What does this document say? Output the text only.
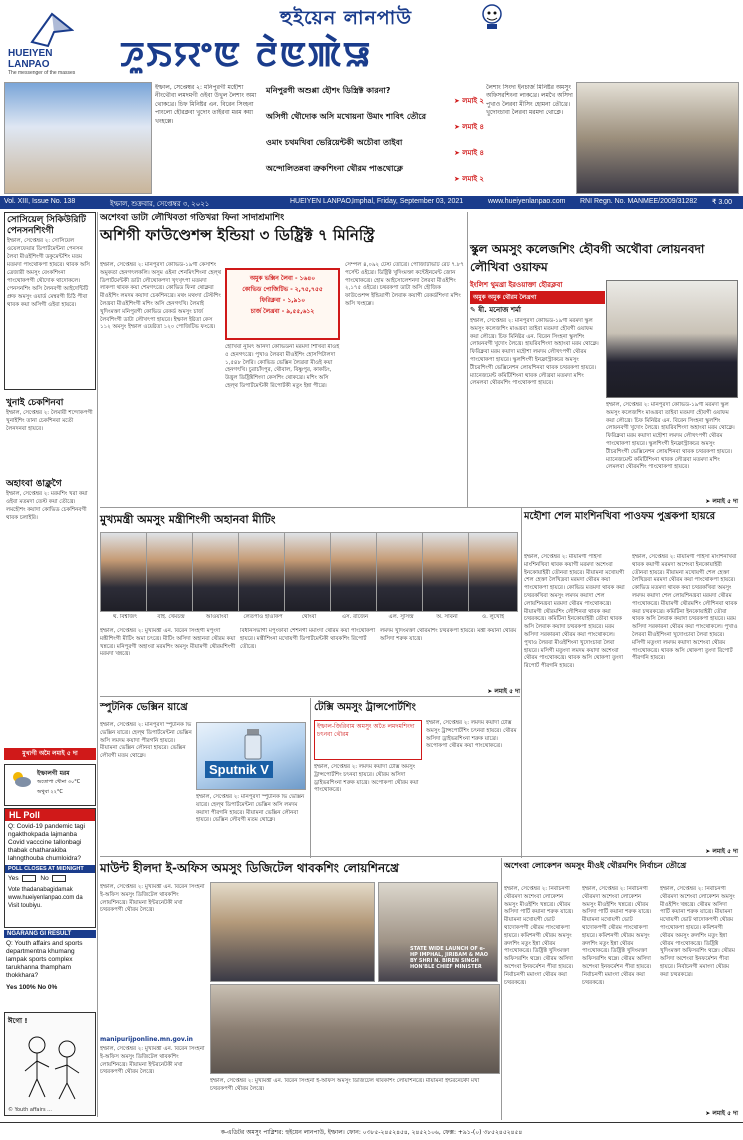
HUEIYEN LANPAO
The messenger of the masses
হুইয়েন লানপাউ
ꯍꯨꯏꯌꯦꯟ ꯂꯥꯟꯄꯥꯎ
ইম্ফাল, সেপ্তেম্বর ২: মনিপুরগী মহৌশা নীংথৌবা লমদমগী ওইবা উখুল লৈশাং অমা থোকখ্রে। চিফ মিনিষ্টর এন. বিরেন সিংহনা পাংলো হৌরক্লবা খুদোং তাইরবা মরম কয়া খংহল্লে।
মনিপুরগী অশুপ্পা হৌশং ডিস্ত্রিক্ট কারনা?
➤ লমাই ২
অসিগী থৌদোক অসি মখোয়না উমাং শাবিৎ তৌরে
➤ লমাই ৪
ওমাং চথমখিবা ভেরিয়েন্টকী অচৌবা তাইবা
➤ লমাই ৪
অন্দোলিতন্নবা ত্রুকশিংনা থৌরম পাঙথোক্লে
➤ লমাই ২
লৈশাং সিংদা ইনচার্জ মিনিষ্টর অমসুং অফিসরশিংনা লাকখ্রে। লমখৈ অসিদা পুখাও লৈরবা মীসিং হোমনা তৌখ্রে। খুদোংচাবা লৈরবা মরমদা থোক্লে।
Vol. XIII, Issue No. 138	ইম্ফাল, শুক্রবার, সেপ্তেম্বর ৩, ২০২১	HUEIYEN LANPAO, Imphal, Friday, September 03, 2021	www.hueiyenlanpao.com RNI Regn. No. MANMEE/2009/31282 ₹ 3.00
সোসিয়েল্ সিকিউরিটি পেনসনশিংগী
ইম্ফাল, সেপ্তেম্বর ২: সোসিয়েল ওয়েলফেয়ার ডিপার্টমেন্টনা পেনসন লৈবা মীওইশিংগী ডকুমেন্টশিং মতম মতমদা পাংথোকপা হায়রে। থাবক অসি ত্রেজারী অমসুং বেংকশিংনা পাংথোকপগী থৌদোক থাদোকলে। পেনসনশিং অসি লৈনবগী আইদেন্টিটি প্রুফ অমসুং ওয়ার্ড মেম্বরগী চিঠি পীবা থাবক কয়া অসিগী ওইবা হায়রে।
খুনাই চেকশিনবা
ইম্ফাল, সেপ্তেম্বর ২: লৈমায়ী শন্দোকপগী খুনাইশিং তানা চেকশিনবা মতৌ লৈনদনবা হায়রে।
অহাংবা ঙাক্লুগৈ
ইম্ফাল, সেপ্তেম্বর ২: মরমশিং খরা কয়া ওইবা মতমদা তেস্ট কয়া তৌখ্রে। লমহৌশং কয়াদা কোভিড চেকশিনবগী থাবক চলাইরি।
মুখ্যগী অমৈ লমাই ৫ দা
ইম্ফালগী মরম
অতোপা খৌনা ৩০°C
অথুবা ২২°C
HL Poll
Q: Covid-19 pandemic tagi ngakthokpada lajmanba Covid vacccine tallonbagi thabak chatharakiba lahngthouba chumloidra?
POLL CLOSES AT MIDNIGHT
Yes	No
Vote thadanabagidamak www.hueiyenlanpao.com da Visit toubiyu.
NGARANG GI RESULT
Q: Youth affairs and sports departmentna khumang lampak sports complex tarukhanna thampham thokkhara?
Yes 100% No 0%
ঈগো !
© Youth affairs ...
অশেংবা ডাটা লৌখিবতা গতিখরা ফিনা সাদাশ্রমাশিং
অশিগী ফাউণ্ডেশন্স ইন্ডিয়া ৩ ডিষ্ট্রিক্ট ৭ মিনিস্ট্রি
ইম্ফাল, সেপ্তেম্বর ২: মনিপুরদা কোভিড-১৯গী কেসশিং অমুকতা হেনগৎলকলি। অসুম ওইনা শেনমিৎশিংনা হেল্থ ডিপার্টমেন্টকী ডাটা লৌথোকপদা খৃৎখৃৎপা মতমদা লাকপা থাবক কয়া শেমগৎখ্রে। কোভিড ফিনা থোক্লবা মীওইশিং লমদম কয়াদা চেকশিনখ্রে। মথং মথংদা টেস্টশিং লৈখ্রবা মীওইশিংগী মশিং অসি হেনগৎখি। লৈমাই খুদিংমক্তা মনিপুরগী কোভিড রেকর্ড অমসুং চার্জ লৈবশিংগী ডাটা লৌখৎপা হায়রে। ইম্ফাল ইষ্টতা কেস ১১২ অমসুং ইম্ফাল ওয়েষ্টতা ১২০ পোজিটিভ ফংখ্রে।
অমুক ভক্সিন লৈবা - ১৬৪০
কোভিড পোজিটিভ - ২,৭৫,৭৫৫
ফিরিক্লবা - ১,৯১০
চার্জ লৈখ্রবা - ৯,৫৫,৬১২
হৌখিবা নুমিৎ অনিদা কোভিডনা মরমদা শিখিবা মীওই ৫ হেনগৎখ্রে। পুখাও লৈরবা মীওইশিং হোসপিটালদা ১,৫৪৮ লৈরি। কোভিড ভেক্সিন লৈখ্রবা মীওই কয়া হেনগৎখি। চুরাচাঁদপুর, থৌবাল, বিষ্ণুপুর, কাকচিং, উখ্রুল ডিষ্ট্রিক্টশিংদা কেসশিং থোকখ্রে। মশিং অসি হেল্থ ডিপার্টমেন্টকী রিপোর্টকী মতুং ইন্না পীখ্রে।
সেম্পল ৪,০৯২ টেস্ট তৌখ্রে। পোজিটিভিটি রেট ৭.৮৭ পর্সেন্ট ওইখ্রে। ডিষ্ট্রিক্ট খুদিংমক্তা কন্টেইনমেন্ট জোন পাংথোকখ্রে। হোম আইসোলেশনদা লৈরবা মীওইশিং ২,১৭৫ ওইখ্রে। চথরকপা ডাটা অসি হৌজিক ফাউণ্ডেশন্স ইন্ডিয়াগী লৈবাক কয়াগী রেকর্ডশিংদা মশিং অসি খংহল্লে।
স্কুল অমসুং কলেজশিং হৌবগী অথৌবা লোয়নবদা লৌখিবা ওয়াফম
ইংলিশ থুমখ্রা ইরওয়াক্তা হৌরক্লবা
অমুক অমুক থৌরম লৈখ্রগা
✎ ষী. মনোজ শর্মা
ইম্ফাল, সেপ্তেম্বর ২: মনিপুরদা কোভিড-১৯গী মরমদা স্কুল অমসুং কলেজশিং মাঙখ্রবা তাইবা মতমদা হৌবগী ওয়াফম কয়া লৌখ্রে। চিফ মিনিষ্টর এন. বিরেন সিংহনা স্কুলশিং লোয়নবগী খুদোং লৈখ্রে। হায়রিবশিংদা অহাংবা মরম থোক্লে। ফিরিক্লবা মরম কয়াদা মহৌশা লমদম লৌখৎপগী থৌরম পাংথোকপা হায়রে। স্কুলশিংগী ইনফ্রাস্ট্রাকচর অমসুং টীচরশিংগী ভেক্সিনেশন লোয়শিনবা থাবক চত্থরকপা হায়রে। ম্যানেজমেন্ট কমিটিশিংনা থাবক লৌখ্রবা মতমদা মশিং লেমলবা থৌরমশিং পাংথোকপা হায়রে।
ইম্ফাল, সেপ্তেম্বর ২: মনিপুরদা কোভিড-১৯গী মরমদা স্কুল অমসুং কলেজশিং মাঙখ্রবা তাইবা মতমদা হৌবগী ওয়াফম কয়া লৌখ্রে। চিফ মিনিষ্টর এন. বিরেন সিংহনা স্কুলশিং লোয়নবগী খুদোং লৈখ্রে। হায়রিবশিংদা অহাংবা মরম থোক্লে। ফিরিক্লবা মরম কয়াদা মহৌশা লমদম লৌখৎপগী থৌরম পাংথোকপা হায়রে। স্কুলশিংগী ইনফ্রাস্ট্রাকচর অমসুং টীচরশিংগী ভেক্সিনেশন লোয়শিনবা থাবক চত্থরকপা হায়রে। ম্যানেজমেন্ট কমিটিশিংনা থাবক লৌখ্রবা মতমদা মশিং লেমলবা থৌরমশিং পাংথোকপা হায়রে।
➤ লমাই ৫ দা
মুখ্যমন্ত্রী অমসুং মন্ত্রীশিংগী অহানবা মীটিং
থ. বিশ্বজিৎ	বাই. খেমচন্দ্র	আওয়াংবা	লেতপাও হাওকিপ	থোংবা	এস. রাজেন	এল. সুসিন্দ্র	অ. সাবনা	ও. লুখোই
ইম্ফাল, সেপ্তেম্বর ২: মুখ্যমন্ত্রী এন. বিরেন সিংহগী মপুংদা মন্ত্রীশিংগী মীটিং অমা চৎখ্রে। মীটিং অসিদা অহানবা থৌরম কয়া খন্নখ্রে। মনিপুরগী অহাংবা মরমশিং অমসুং মীয়ামগী থৌরমশিংগী মরমদা খন্নখ্রে।
বিধানসভাগী মপুংফাবা শেশনগী মমাংদা থৌরম কয়া পাংথোকপা হায়রে। মন্ত্রীশিংনা মখোয়গী ডিপার্টমেন্টকী থাবকশিং রিপোর্ট তৌখ্রে।
লমদম খুদিংমক্তা থৌরমশিং চত্থরকপা হায়রে। মন্ত্রী কয়ানা থৌরম অসিদা শরুক য়াখ্রে।
➤ লমাই ৫ দা
মহৌশা শেল মাংশিনখিবা পাওফম পুখ্রকপা হায়রে
ইম্ফাল, সেপ্তেম্বর ২: মীয়ামগী পাইসা মাংশিনখিবা থাবক কয়াগী মরমদা অশেংবা ইনকোয়াইরী তৌনবা হায়রে। মীয়ামনা মখোয়গী শেল হেক্তা লৈখিদ্রবা মরমদা থৌরম কয়া পাংথোকপা হায়রে। কোভিড মতমদা থাবক কয়া চত্থরকখিবা অমসুং লমদম কয়াদা শেল লোয়শিনখ্রবা মরমদা থৌরম পাংথোকখ্রে। মীয়ামগী থৌরমশিং লৌশিনবা থাবক কয়া চত্থরকখ্রে। কমিটিনা ইনকোয়াইরী তৌবা থাবক অসি লৈবাক কয়াদা চত্থরকপা হায়রে। মরম অসিদা সরকারনা থৌরম কয়া পাংথোকলে। পুখাও লৈরবা মীওইশিংনা খুদোংচাবা লৈবা হায়রে। মসিগী মতুংদা লমদম কয়াদা অশেংবা থৌরম পাংথোকখ্রে। থাবক অসি থোকপা তুংদা রিপোর্ট পীরগনি হায়রে।
ইম্ফাল, সেপ্তেম্বর ২: মীয়ামগী পাইসা মাংশিনখিবা থাবক কয়াগী মরমদা অশেংবা ইনকোয়াইরী তৌনবা হায়রে। মীয়ামনা মখোয়গী শেল হেক্তা লৈখিদ্রবা মরমদা থৌরম কয়া পাংথোকপা হায়রে। কোভিড মতমদা থাবক কয়া চত্থরকখিবা অমসুং লমদম কয়াদা শেল লোয়শিনখ্রবা মরমদা থৌরম পাংথোকখ্রে। মীয়ামগী থৌরমশিং লৌশিনবা থাবক কয়া চত্থরকখ্রে। কমিটিনা ইনকোয়াইরী তৌবা থাবক অসি লৈবাক কয়াদা চত্থরকপা হায়রে। মরম অসিদা সরকারনা থৌরম কয়া পাংথোকলে। পুখাও লৈরবা মীওইশিংনা খুদোংচাবা লৈবা হায়রে। মসিগী মতুংদা লমদম কয়াদা অশেংবা থৌরম পাংথোকখ্রে। থাবক অসি থোকপা তুংদা রিপোর্ট পীরগনি হায়রে।
➤ লমাই ৫ দা
স্পুটনিক ভেক্সিন য়াখ্রে
ইম্ফাল, সেপ্তেম্বর ২: মনিপুরদা স্পুটনিক ভি ভেক্সিন য়াখ্রে। হেল্থ ডিপার্টমেন্টনা ভেক্সিন অসি লমদম কয়াদা পীরগনি হায়রে। মীয়ামনা ভেক্সিন লৌনবা হায়রে। ভেক্সিন লৌবগী মতম থোক্লে।
Sputnik V
ইম্ফাল, সেপ্তেম্বর ২: মনিপুরদা স্পুটনিক ভি ভেক্সিন য়াখ্রে। হেল্থ ডিপার্টমেন্টনা ভেক্সিন অসি লমদম কয়াদা পীরগনি হায়রে। মীয়ামনা ভেক্সিন লৌনবা হায়রে। ভেক্সিন লৌবগী মতম থোক্লে।
টেক্সি অমসুং ট্রান্সপোর্টশিং
ইম্ফাল-জিরিবাম অমসুং অতৈ লমদমশিংদা চৎনবা থৌরম
ইম্ফাল, সেপ্তেম্বর ২: লমদম কয়াদা টেক্সি অমসুং ট্রান্সপোর্টশিং চৎনবা হায়রে। থৌরম অসিদা ড্রাইভরশিংনা শরুক য়াখ্রে। অপোকপা থৌরম কয়া পাংথোকখ্রে।
ইম্ফাল, সেপ্তেম্বর ২: লমদম কয়াদা টেক্সি অমসুং ট্রান্সপোর্টশিং চৎনবা হায়রে। থৌরম অসিদা ড্রাইভরশিংনা শরুক য়াখ্রে। অপোকপা থৌরম কয়া পাংথোকখ্রে।
মাউন্ট হীলদা ই-অফিস অমসুং ডিজিটেল থাবকশিং লোয়শিনখ্রে
ইম্ফাল, সেপ্তেম্বর ২: মুখ্যমন্ত্রী এন. বিরেন সিংহনা ই-অফিস অমসুং ডিজিটেল থাবকশিং লোয়শিনখ্রে। মীয়ামনা ইন্টরনেটকী মখা চত্থরকপগী থৌরম লৈখ্রে।
manipurijponline.mn.gov.in
ইম্ফাল, সেপ্তেম্বর ২: মুখ্যমন্ত্রী এন. বিরেন সিংহনা ই-অফিস অমসুং ডিজিটেল থাবকশিং লোয়শিনখ্রে। মীয়ামনা ইন্টরনেটকী মখা চত্থরকপগী থৌরম লৈখ্রে।
STATE WIDE LAUNCH OF e-HP IMPHAL, JIRIBAM & MAO BY SHRI N. BIREN SINGH HON'BLE CHIEF MINISTER
ইম্ফাল, সেপ্তেম্বর ২: মুখ্যমন্ত্রী এন. বিরেন সিংহনা ই-অফিস অমসুং ডিজিটেল থাবকশিং লোয়শিনখ্রে। মীয়ামনা ইন্টরনেটকী মখা চত্থরকপগী থৌরম লৈখ্রে।
অশেংবা লোকেশন অমসুং মীওই থৌরমশিং নির্বাচন তৌখ্রে
ইম্ফাল, সেপ্তেম্বর ২: নির্বাচনগী থৌরমদা অশেংবা লোকেশন অমসুং মীওইশিং খন্নখ্রে। থৌরম অসিদা পার্টি কয়ানা শরুক য়াখ্রে। মীয়ামনা মখোয়গী ভোট থাদোকপগী থৌরম পাংথোকপা হায়রে। কমিশনগী থৌরম অমসুং রুলশিং মতুং ইন্না থৌরম পাংথোকখ্রে। ডিষ্ট্রিক্ট খুদিংমক্তা অফিসরশিং থম্লে। থৌরম অসিদা অশেংবা ইনফর্মেশন পীবা হায়রে। নির্বাচনগী মমাংদা থৌরম কয়া চত্থরকখ্রে।
ইম্ফাল, সেপ্তেম্বর ২: নির্বাচনগী থৌরমদা অশেংবা লোকেশন অমসুং মীওইশিং খন্নখ্রে। থৌরম অসিদা পার্টি কয়ানা শরুক য়াখ্রে। মীয়ামনা মখোয়গী ভোট থাদোকপগী থৌরম পাংথোকপা হায়রে। কমিশনগী থৌরম অমসুং রুলশিং মতুং ইন্না থৌরম পাংথোকখ্রে। ডিষ্ট্রিক্ট খুদিংমক্তা অফিসরশিং থম্লে। থৌরম অসিদা অশেংবা ইনফর্মেশন পীবা হায়রে। নির্বাচনগী মমাংদা থৌরম কয়া চত্থরকখ্রে।
ইম্ফাল, সেপ্তেম্বর ২: নির্বাচনগী থৌরমদা অশেংবা লোকেশন অমসুং মীওইশিং খন্নখ্রে। থৌরম অসিদা পার্টি কয়ানা শরুক য়াখ্রে। মীয়ামনা মখোয়গী ভোট থাদোকপগী থৌরম পাংথোকপা হায়রে। কমিশনগী থৌরম অমসুং রুলশিং মতুং ইন্না থৌরম পাংথোকখ্রে। ডিষ্ট্রিক্ট খুদিংমক্তা অফিসরশিং থম্লে। থৌরম অসিদা অশেংবা ইনফর্মেশন পীবা হায়রে। নির্বাচনগী মমাংদা থৌরম কয়া চত্থরকখ্রে।
➤ লমাই ৫ দা
ক-এডিটর অমসুং পাব্লিশর: হুইয়েন লানপাউ, ইম্ফাল। ফোন: ০৩৮৫-২৪৫২৪৫৪, ২৪৫২১০৬, ফেক্স: +৯১-(০) ৩৮৫২৪৫২৪৫৪
